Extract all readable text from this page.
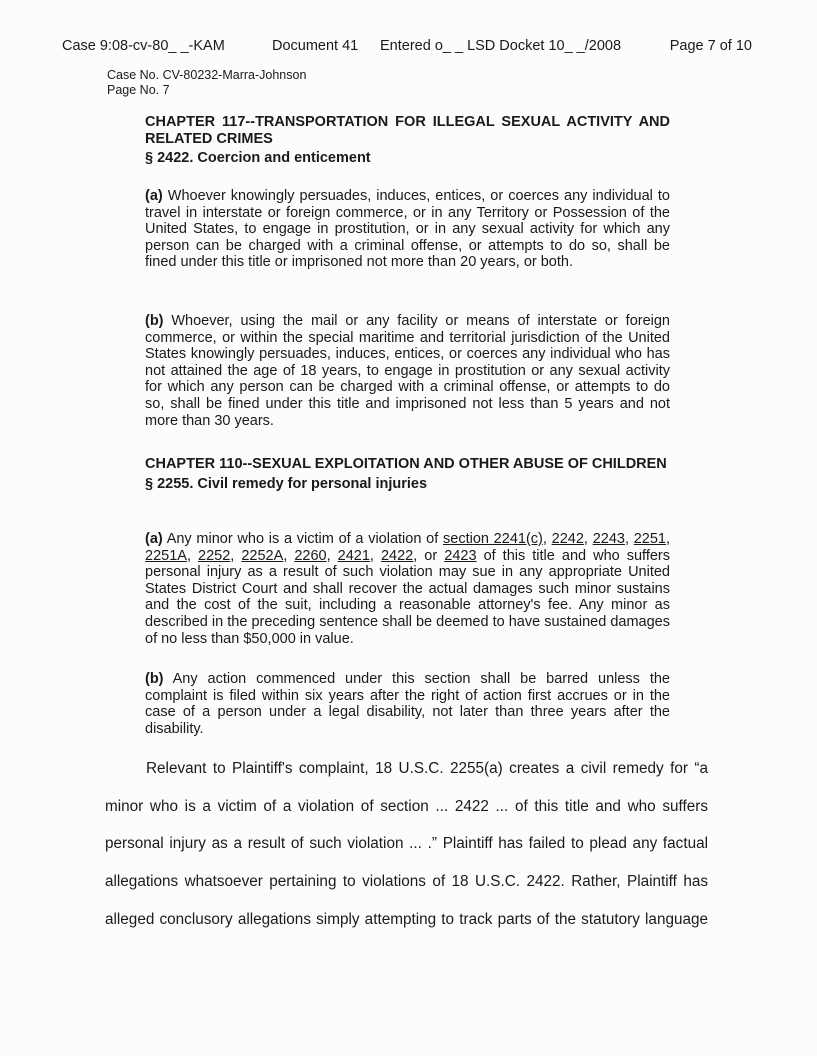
Case 9:08-cv-80_ _-KAM	Document 41 Entered o_ _ LSD Docket 10_ _/2008	Page 7 of 10
Case No. CV-80232-Marra-Johnson
Page No. 7

CHAPTER 117--TRANSPORTATION FOR ILLEGAL SEXUAL ACTIVITY AND RELATED CRIMES

§ 2422. Coercion and enticement

(a) Whoever knowingly persuades, induces, entices, or coerces any individual to travel in interstate or foreign commerce, or in any Territory or Possession of the United States, to engage in prostitution, or in any sexual activity for which any person can be charged with a criminal offense, or attempts to do so, shall be fined under this title or imprisoned not more than 20 years, or both.

(b) Whoever, using the mail or any facility or means of interstate or foreign commerce, or within the special maritime and territorial jurisdiction of the United States knowingly persuades, induces, entices, or coerces any individual who has not attained the age of 18 years, to engage in prostitution or any sexual activity for which any person can be charged with a criminal offense, or attempts to do so, shall be fined under this title and imprisoned not less than 5 years and not more than 30 years.

CHAPTER 110--SEXUAL EXPLOITATION AND OTHER ABUSE OF CHILDREN

§ 2255. Civil remedy for personal injuries

(a) Any minor who is a victim of a violation of section 2241(c), 2242, 2243, 2251, 2251A, 2252, 2252A, 2260, 2421, 2422, or 2423 of this title and who suffers personal injury as a result of such violation may sue in any appropriate United States District Court and shall recover the actual damages such minor sustains and the cost of the suit, including a reasonable attorney's fee. Any minor as described in the preceding sentence shall be deemed to have sustained damages of no less than $50,000 in value.

(b) Any action commenced under this section shall be barred unless the complaint is filed within six years after the right of action first accrues or in the case of a person under a legal disability, not later than three years after the disability.

Relevant to Plaintiff's complaint, 18 U.S.C. 2255(a) creates a civil remedy for “a
minor who is a victim of a violation of section ... 2422 ... of this title and who suffers
personal injury as a result of such violation ... .” Plaintiff has failed to plead any factual
allegations whatsoever pertaining to violations of 18 U.S.C. 2422. Rather, Plaintiff has
alleged conclusory allegations simply attempting to track parts of the statutory language
